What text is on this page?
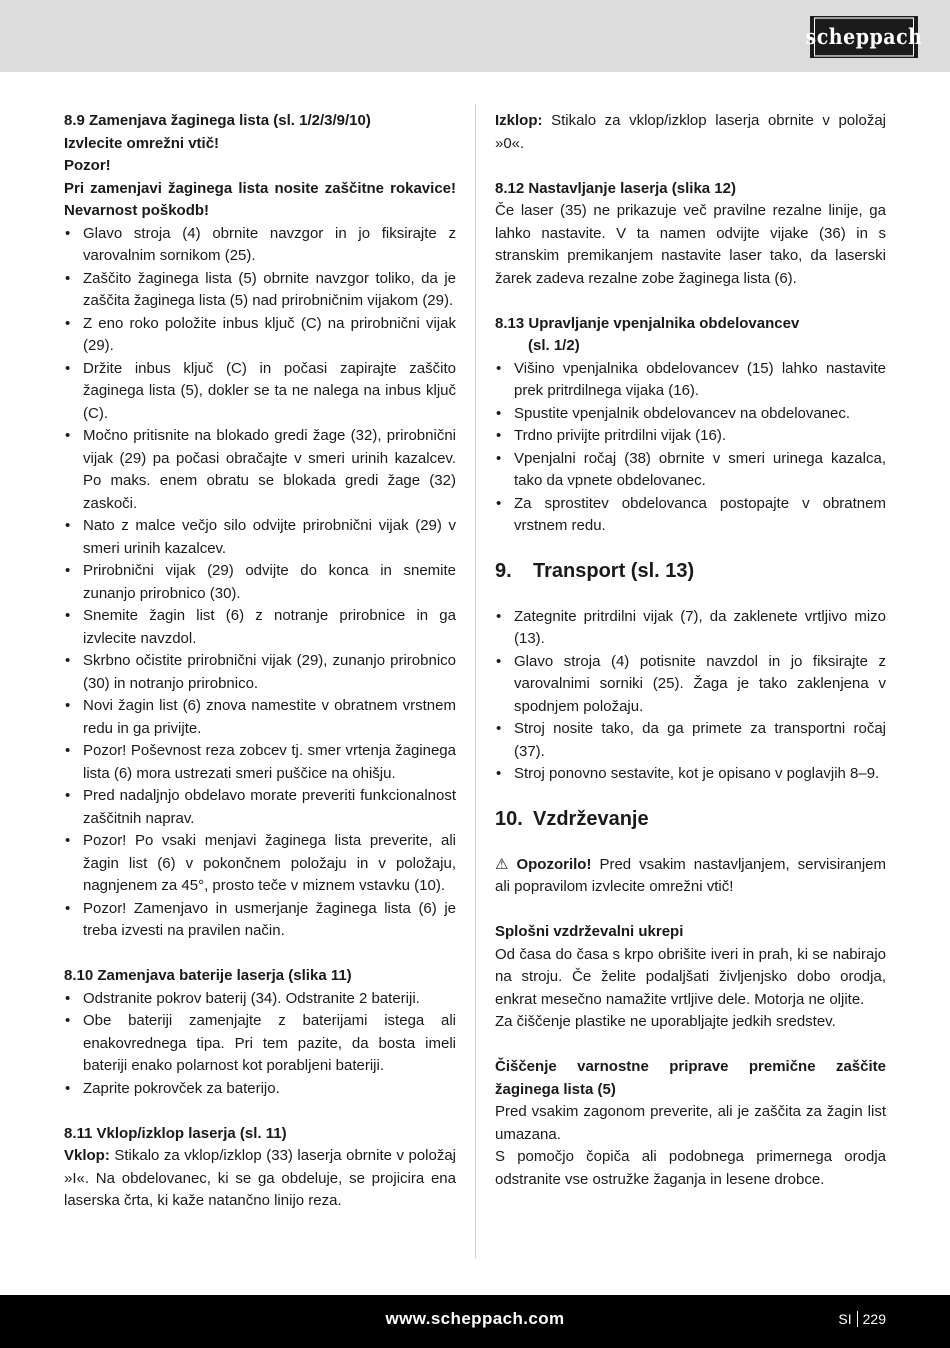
scheppach

8.9 Zamenjava žaginega lista (sl. 1/2/3/9/10)

Izvlecite omrežni vtič!

Pozor!

Pri zamenjavi žaginega lista nosite zaščitne rokavice! Nevarnost poškodb!

• Glavo stroja (4) obrnite navzgor in jo fiksirajte z varovalnim sornikom (25).
• Zaščito žaginega lista (5) obrnite navzgor toliko, da je zaščita žaginega lista (5) nad prirobničnim vijakom (29).
• Z eno roko položite inbus ključ (C) na prirobnični vijak (29).
• Držite inbus ključ (C) in počasi zapirajte zaščito žaginega lista (5), dokler se ta ne nalega na inbus ključ (C).
• Močno pritisnite na blokado gredi žage (32), prirobnični vijak (29) pa počasi obračajte v smeri urinih kazalcev. Po maks. enem obratu se blokada gredi žage (32) zaskoči.
• Nato z malce večjo silo odvijte prirobnični vijak (29) v smeri urinih kazalcev.
• Prirobnični vijak (29) odvijte do konca in snemite zunanjo prirobnico (30).
• Snemite žagin list (6) z notranje prirobnice in ga izvlecite navzdol.
• Skrbno očistite prirobnični vijak (29), zunanjo prirobnico (30) in notranjo prirobnico.
• Novi žagin list (6) znova namestite v obratnem vrstnem redu in ga privijte.
• Pozor! Poševnost reza zobcev tj. smer vrtenja žaginega lista (6) mora ustrezati smeri puščice na ohišju.
• Pred nadaljnjo obdelavo morate preveriti funkcionalnost zaščitnih naprav.
• Pozor! Po vsaki menjavi žaginega lista preverite, ali žagin list (6) v pokončnem položaju in v položaju, nagnjenem za 45°, prosto teče v miznem vstavku (10).
• Pozor! Zamenjavo in usmerjanje žaginega lista (6) je treba izvesti na pravilen način.

8.10 Zamenjava baterije laserja (slika 11)

• Odstranite pokrov baterij (34). Odstranite 2 bateriji.
• Obe bateriji zamenjajte z baterijami istega ali enakovrednega tipa. Pri tem pazite, da bosta imeli bateriji enako polarnost kot porabljeni bateriji.
• Zaprite pokrovček za baterijo.

8.11 Vklop/izklop laserja (sl. 11)

Vklop: Stikalo za vklop/izklop (33) laserja obrnite v položaj »I«. Na obdelovanec, ki se ga obdeluje, se projicira ena laserska črta, ki kaže natančno linijo reza.

Izklop: Stikalo za vklop/izklop laserja obrnite v položaj »0«.

8.12 Nastavljanje laserja (slika 12)

Če laser (35) ne prikazuje več pravilne rezalne linije, ga lahko nastavite. V ta namen odvijte vijake (36) in s stranskim premikanjem nastavite laser tako, da laserski žarek zadeva rezalne zobe žaginega lista (6).

8.13 Upravljanje vpenjalnika obdelovancev

(sl. 1/2)

• Višino vpenjalnika obdelovancev (15) lahko nastavite prek pritrdilnega vijaka (16).
• Spustite vpenjalnik obdelovancev na obdelovanec.
• Trdno privijte pritrdilni vijak (16).
• Vpenjalni ročaj (38) obrnite v smeri urinega kazalca, tako da vpnete obdelovanec.
• Za sprostitev obdelovanca postopajte v obratnem vrstnem redu.
9. Transport (sl. 13)
• Zategnite pritrdilni vijak (7), da zaklenete vrtljivo mizo (13).
• Glavo stroja (4) potisnite navzdol in jo fiksirajte z varovalnimi sorniki (25). Žaga je tako zaklenjena v spodnjem položaju.
• Stroj nosite tako, da ga primete za transportni ročaj (37).
• Stroj ponovno sestavite, kot je opisano v poglavjih 8–9.
10. Vzdrževanje

⚠ Opozorilo! Pred vsakim nastavljanjem, servisiranjem ali popravilom izvlecite omrežni vtič!

Splošni vzdrževalni ukrepi

Od časa do časa s krpo obrišite iveri in prah, ki se nabirajo na stroju. Če želite podaljšati življenjsko dobo orodja, enkrat mesečno namažite vrtljive dele. Motorja ne oljite.

Za čiščenje plastike ne uporabljajte jedkih sredstev.

Čiščenje varnostne priprave premične zaščite žaginega lista (5)

Pred vsakim zagonom preverite, ali je zaščita za žagin list umazana.

S pomočjo čopiča ali podobnega primernega orodja odstranite vse ostružke žaganja in lesene drobce.

www.scheppach.com	SI 229
